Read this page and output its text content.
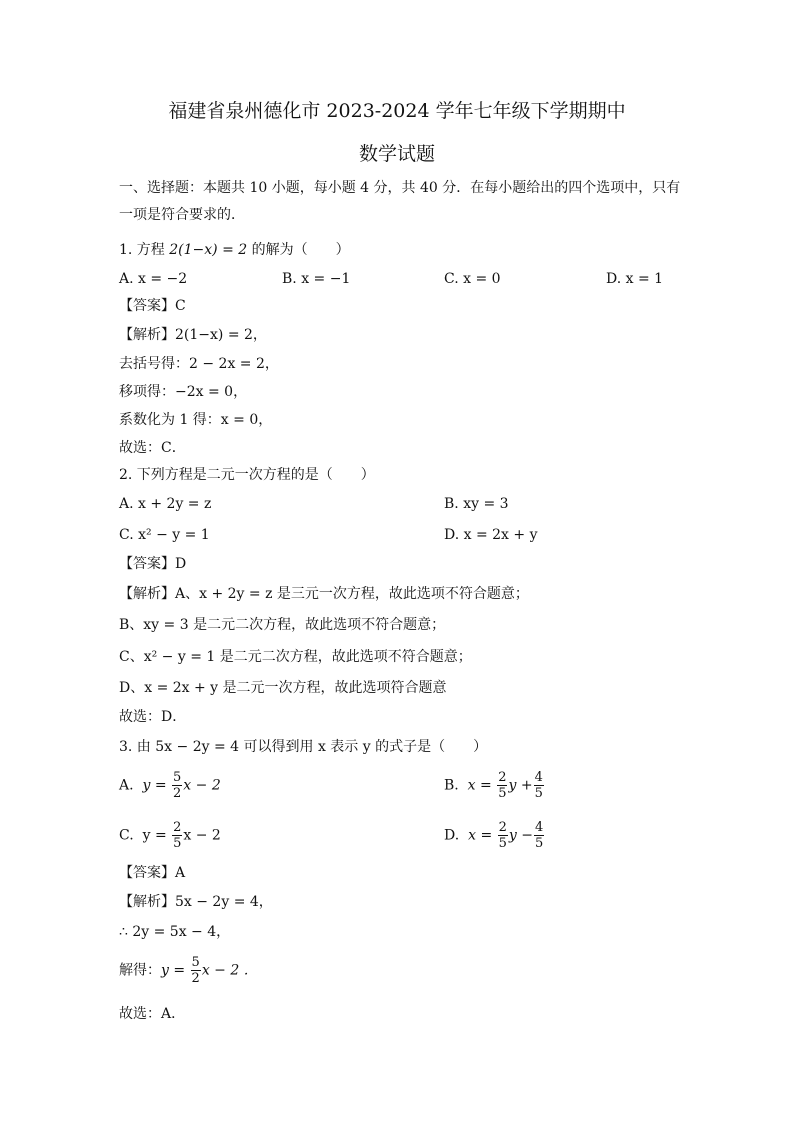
福建省泉州德化市 2023-2024 学年七年级下学期期中
数学试题
一、选择题：本题共 10 小题，每小题 4 分，共 40 分．在每小题给出的四个选项中，只有
一项是符合要求的．
1. 方程 2(1−x) = 2 的解为（　　）
A. x = −2	B. x = −1	C. x = 0	D. x = 1
【答案】C
【解析】2(1−x) = 2，
去括号得：2 − 2x = 2，
移项得：−2x = 0，
系数化为 1 得：x = 0，
故选：C．
2. 下列方程是二元一次方程的是（　　）
A. x + 2y = z	B. xy = 3
C. x² − y = 1	D. x = 2x + y
【答案】D
【解析】A、x + 2y = z 是三元一次方程，故此选项不符合题意；
B、xy = 3 是二元二次方程，故此选项不符合题意；
C、x² − y = 1 是二元二次方程，故此选项不符合题意；
D、x = 2x + y 是二元一次方程，故此选项符合题意
故选：D．
3. 由 5x − 2y = 4 可以得到用 x 表示 y 的式子是（　　）
A. $y = \frac{5}{2}$ x − 2	B. $x = \frac{2}{5}$ $y + \frac{4}{5}$
C. $y = \frac{2}{5}$ x − 2	D. $x = \frac{2}{5}$ $y - \frac{4}{5}$
【答案】A
【解析】5x − 2y = 4，
∴ 2y = 5x − 4，
解得：$y = \frac{5}{2}$ x − 2 ．
故选：A．
